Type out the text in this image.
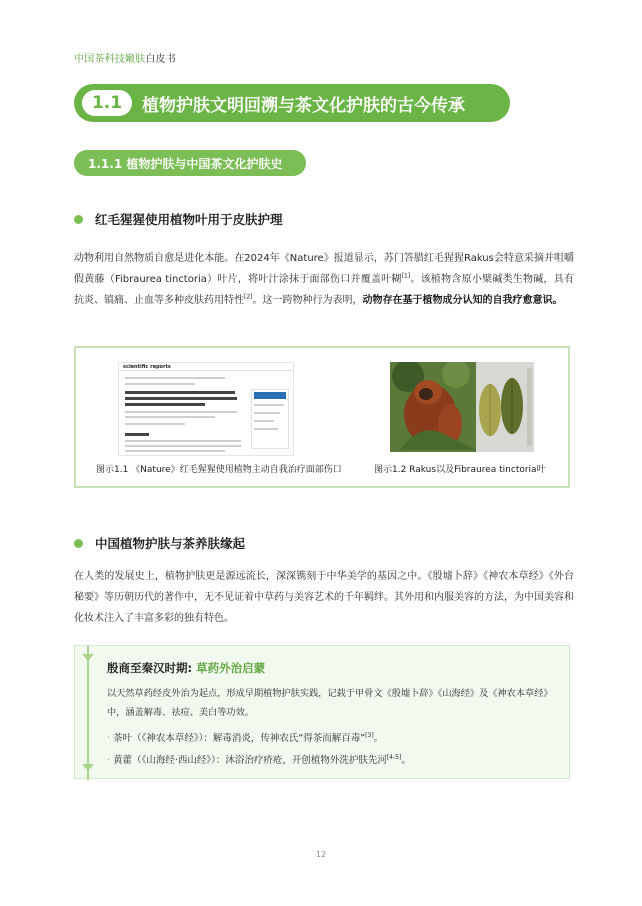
中国茶科技嫩肤白皮书
1.1	植物护肤文明回溯与茶文化护肤的古今传承
1.1.1 植物护肤与中国茶文化护肤史
红毛猩猩使用植物叶用于皮肤护理

动物利用自然物质自愈是进化本能。在2024年《Nature》报道显示，苏门答腊红毛猩猩Rakus会特意采摘并咀嚼假黄藤（Fibraurea tinctoria）叶片，将叶汁涂抹于面部伤口并覆盖叶糊[1]。该植物含原小檗碱类生物碱，具有抗炎、镇痛、止血等多种皮肤药用特性[2]。这一跨物种行为表明，动物存在基于植物成分认知的自我疗愈意识。

scientific reports
图示1.1 《Nature》红毛猩猩使用植物主动自我治疗面部伤口	图示1.2 Rakus以及Fibraurea tinctoria叶
中国植物护肤与茶养肤缘起

在人类的发展史上，植物护肤更是源远流长，深深镌刻于中华美学的基因之中。《殷墟卜辞》《神农本草经》《外台秘要》等历朝历代的著作中，无不见证着中草药与美容艺术的千年羁绊。其外用和内服美容的方法，为中国美容和化妆术注入了丰富多彩的独有特色。

殷商至秦汉时期: 草药外治启蒙
以天然草药经皮外治为起点，形成早期植物护肤实践，记载于甲骨文《殷墟卜辞》《山海经》及《神农本草经》中，涵盖解毒、祛痘、美白等功效。
· 茶叶（《神农本草经》）：解毒消炎，传神农氏“得茶而解百毒”[3]。
· 黄藿（《山海经·西山经》）：沐浴治疗疥疮，开创植物外洗护肤先河[4-5]。
12
